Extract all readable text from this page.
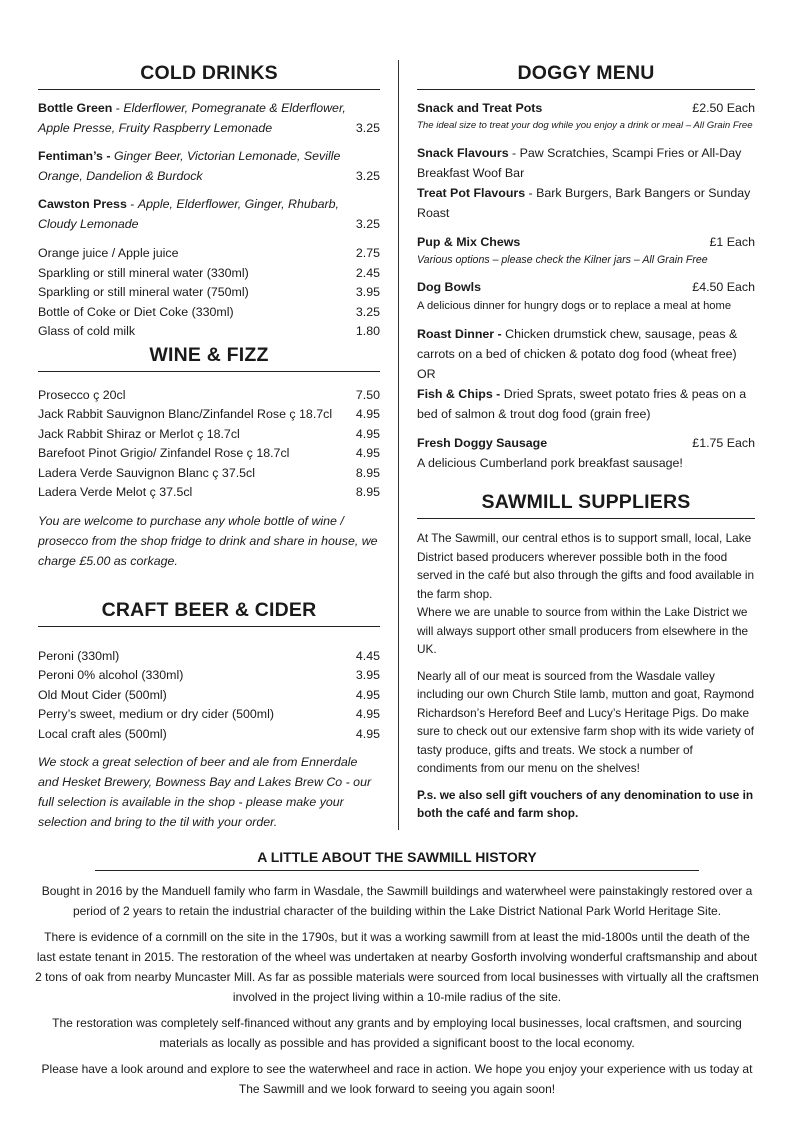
COLD DRINKS
Bottle Green - Elderflower, Pomegranate & Elderflower, Apple Presse, Fruity Raspberry Lemonade	3.25
Fentiman’s - Ginger Beer, Victorian Lemonade, Seville Orange, Dandelion & Burdock	3.25
Cawston Press - Apple, Elderflower, Ginger, Rhubarb, Cloudy Lemonade	3.25
Orange juice / Apple juice	2.75
Sparkling or still mineral water (330ml)	2.45
Sparkling or still mineral water (750ml)	3.95
Bottle of Coke or Diet Coke (330ml)	3.25
Glass of cold milk	1.80
WINE & FIZZ
Prosecco ç 20cl	7.50
Jack Rabbit Sauvignon Blanc/Zinfandel Rose ç 18.7cl	4.95
Jack Rabbit Shiraz or Merlot ç 18.7cl	4.95
Barefoot Pinot Grigio/ Zinfandel Rose ç 18.7cl	4.95
Ladera Verde Sauvignon Blanc ç 37.5cl	8.95
Ladera Verde Melot ç 37.5cl	8.95
You are welcome to purchase any whole bottle of wine / prosecco from the shop fridge to drink and share in house, we charge £5.00 as corkage.
CRAFT BEER & CIDER
Peroni (330ml)	4.45
Peroni 0% alcohol (330ml)	3.95
Old Mout Cider (500ml)	4.95
Perry’s sweet, medium or dry cider (500ml)	4.95
Local craft ales (500ml)	4.95
We stock a great selection of beer and ale from Ennerdale and Hesket Brewery, Bowness Bay and Lakes Brew Co - our full selection is available in the shop - please make your selection and bring to the til with your order.
DOGGY MENU
Snack and Treat Pots	£2.50 Each
The ideal size to treat your dog while you enjoy a drink or meal – All Grain Free
Snack Flavours - Paw Scratchies, Scampi Fries or All-Day Breakfast Woof Bar
Treat Pot Flavours - Bark Burgers, Bark Bangers or Sunday Roast
Pup & Mix Chews	£1 Each
Various options – please check the Kilner jars – All Grain Free
Dog Bowls	£4.50 Each
A delicious dinner for hungry dogs or to replace a meal at home
Roast Dinner - Chicken drumstick chew, sausage, peas & carrots on a bed of chicken & potato dog food (wheat free)
OR
Fish & Chips - Dried Sprats, sweet potato fries & peas on a bed of salmon & trout dog food (grain free)
Fresh Doggy Sausage	£1.75 Each
A delicious Cumberland pork breakfast sausage!
SAWMILL SUPPLIERS
At The Sawmill, our central ethos is to support small, local, Lake District based producers wherever possible both in the food served in the café but also through the gifts and food available in the farm shop.
Where we are unable to source from within the Lake District we will always support other small producers from elsewhere in the UK.
Nearly all of our meat is sourced from the Wasdale valley including our own Church Stile lamb, mutton and goat, Raymond Richardson’s Hereford Beef and Lucy’s Heritage Pigs. Do make sure to check out our extensive farm shop with its wide variety of tasty produce, gifts and treats. We stock a number of condiments from our menu on the shelves!
P.s. we also sell gift vouchers of any denomination to use in both the café and farm shop.
A LITTLE ABOUT THE SAWMILL HISTORY

Bought in 2016 by the Manduell family who farm in Wasdale, the Sawmill buildings and waterwheel were painstakingly restored over a period of 2 years to retain the industrial character of the building within the Lake District National Park World Heritage Site.

There is evidence of a cornmill on the site in the 1790s, but it was a working sawmill from at least the mid-1800s until the death of the last estate tenant in 2015. The restoration of the wheel was undertaken at nearby Gosforth involving wonderful craftsmanship and about 2 tons of oak from nearby Muncaster Mill. As far as possible materials were sourced from local businesses with virtually all the craftsmen involved in the project living within a 10-mile radius of the site.

The restoration was completely self-financed without any grants and by employing local businesses, local craftsmen, and sourcing materials as locally as possible and has provided a significant boost to the local economy.

Please have a look around and explore to see the waterwheel and race in action. We hope you enjoy your experience with us today at The Sawmill and we look forward to seeing you again soon!
